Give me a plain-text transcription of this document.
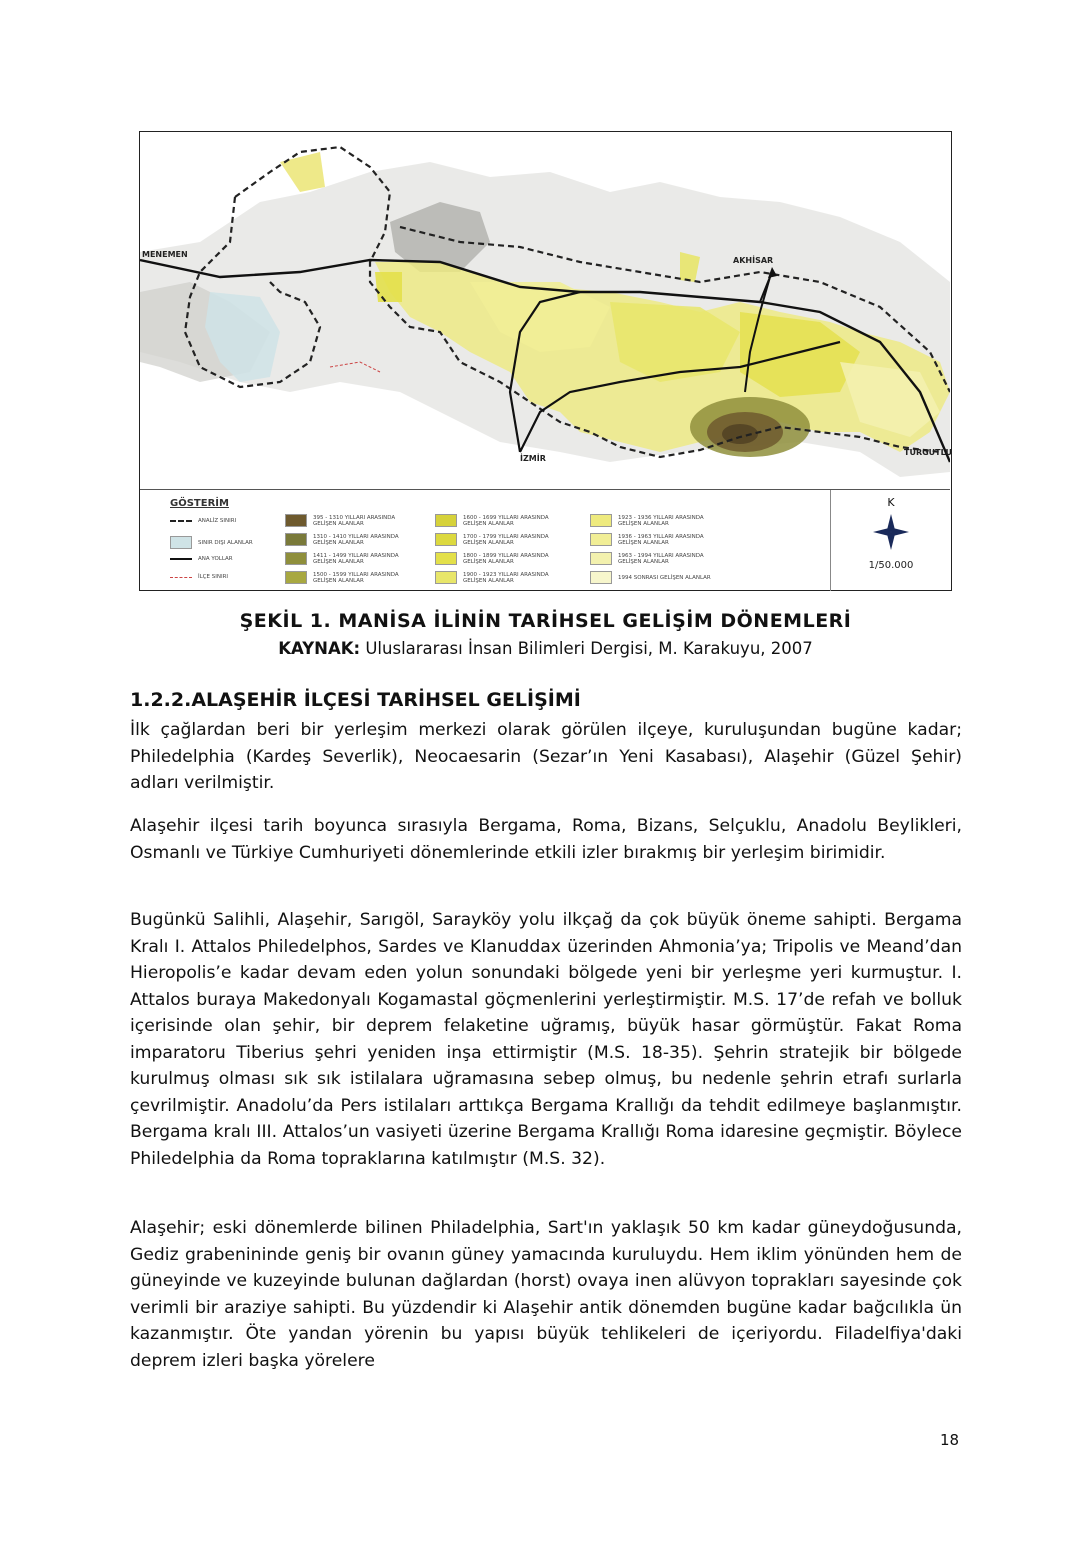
MENEMEN
AKHİSAR
İZMİR
TURGUTLU
GÖSTERİM
ANALİZ SINIRI
SINIR DIŞI ALANLAR
ANA YOLLAR
İLÇE SINIRI
395 - 1310 YILLARI ARASINDA GELİŞEN ALANLAR
1310 - 1410 YILLARI ARASINDA GELİŞEN ALANLAR
1411 - 1499 YILLARI ARASINDA GELİŞEN ALANLAR
1500 - 1599 YILLARI ARASINDA GELİŞEN ALANLAR
1600 - 1699 YILLARI ARASINDA GELİŞEN ALANLAR
1700 - 1799 YILLARI ARASINDA GELİŞEN ALANLAR
1800 - 1899 YILLARI ARASINDA GELİŞEN ALANLAR
1900 - 1923 YILLARI ARASINDA GELİŞEN ALANLAR
1923 - 1936 YILLARI ARASINDA GELİŞEN ALANLAR
1936 - 1963 YILLARI ARASINDA GELİŞEN ALANLAR
1963 - 1994 YILLARI ARASINDA GELİŞEN ALANLAR
1994 SONRASI GELİŞEN ALANLAR
K
1/50.000
ŞEKİL 1. MANİSA İLİNİN TARİHSEL GELİŞİM DÖNEMLERİ
KAYNAK: Uluslararası İnsan Bilimleri Dergisi, M. Karakuyu, 2007
1.2.2.ALAŞEHİR İLÇESİ TARİHSEL GELİŞİMİ

İlk çağlardan beri bir yerleşim merkezi olarak görülen ilçeye, kuruluşundan bugüne kadar; Philedelphia (Kardeş Severlik), Neocaesarin (Sezar’ın Yeni Kasabası), Alaşehir (Güzel Şehir) adları verilmiştir.

Alaşehir ilçesi tarih boyunca sırasıyla Bergama, Roma, Bizans, Selçuklu, Anadolu Beylikleri, Osmanlı ve Türkiye Cumhuriyeti dönemlerinde etkili izler bırakmış bir yerleşim birimidir.

Bugünkü Salihli, Alaşehir, Sarıgöl, Sarayköy yolu ilkçağ da çok büyük öneme sahipti. Bergama Kralı I. Attalos Philedelphos, Sardes ve Klanuddax üzerinden Ahmonia’ya; Tripolis ve Meand’dan Hieropolis’e kadar devam eden yolun sonundaki bölgede yeni bir yerleşme yeri kurmuştur. I. Attalos buraya Makedonyalı Kogamastal göçmenlerini yerleştirmiştir. M.S. 17’de refah ve bolluk içerisinde olan şehir, bir deprem felaketine uğramış, büyük hasar görmüştür. Fakat Roma imparatoru Tiberius şehri yeniden inşa ettirmiştir (M.S. 18-35). Şehrin stratejik bir bölgede kurulmuş olması sık sık istilalara uğramasına sebep olmuş, bu nedenle şehrin etrafı surlarla çevrilmiştir. Anadolu’da Pers istilaları arttıkça Bergama Krallığı da tehdit edilmeye başlanmıştır. Bergama kralı III. Attalos’un vasiyeti üzerine Bergama Krallığı Roma idaresine geçmiştir. Böylece Philedelphia da Roma topraklarına katılmıştır (M.S. 32).

Alaşehir; eski dönemlerde bilinen Philadelphia, Sart'ın yaklaşık 50 km kadar güneydoğusunda, Gediz grabenininde geniş bir ovanın güney yamacında kuruluydu. Hem iklim yönünden hem de güneyinde ve kuzeyinde bulunan dağlardan (horst) ovaya inen alüvyon toprakları sayesinde çok verimli bir araziye sahipti. Bu yüzdendir ki Alaşehir antik dönemden bugüne kadar bağcılıkla ün kazanmıştır. Öte yandan yörenin bu yapısı büyük tehlikeleri de içeriyordu. Filadelfiya'daki deprem izleri başka yörelere

18
